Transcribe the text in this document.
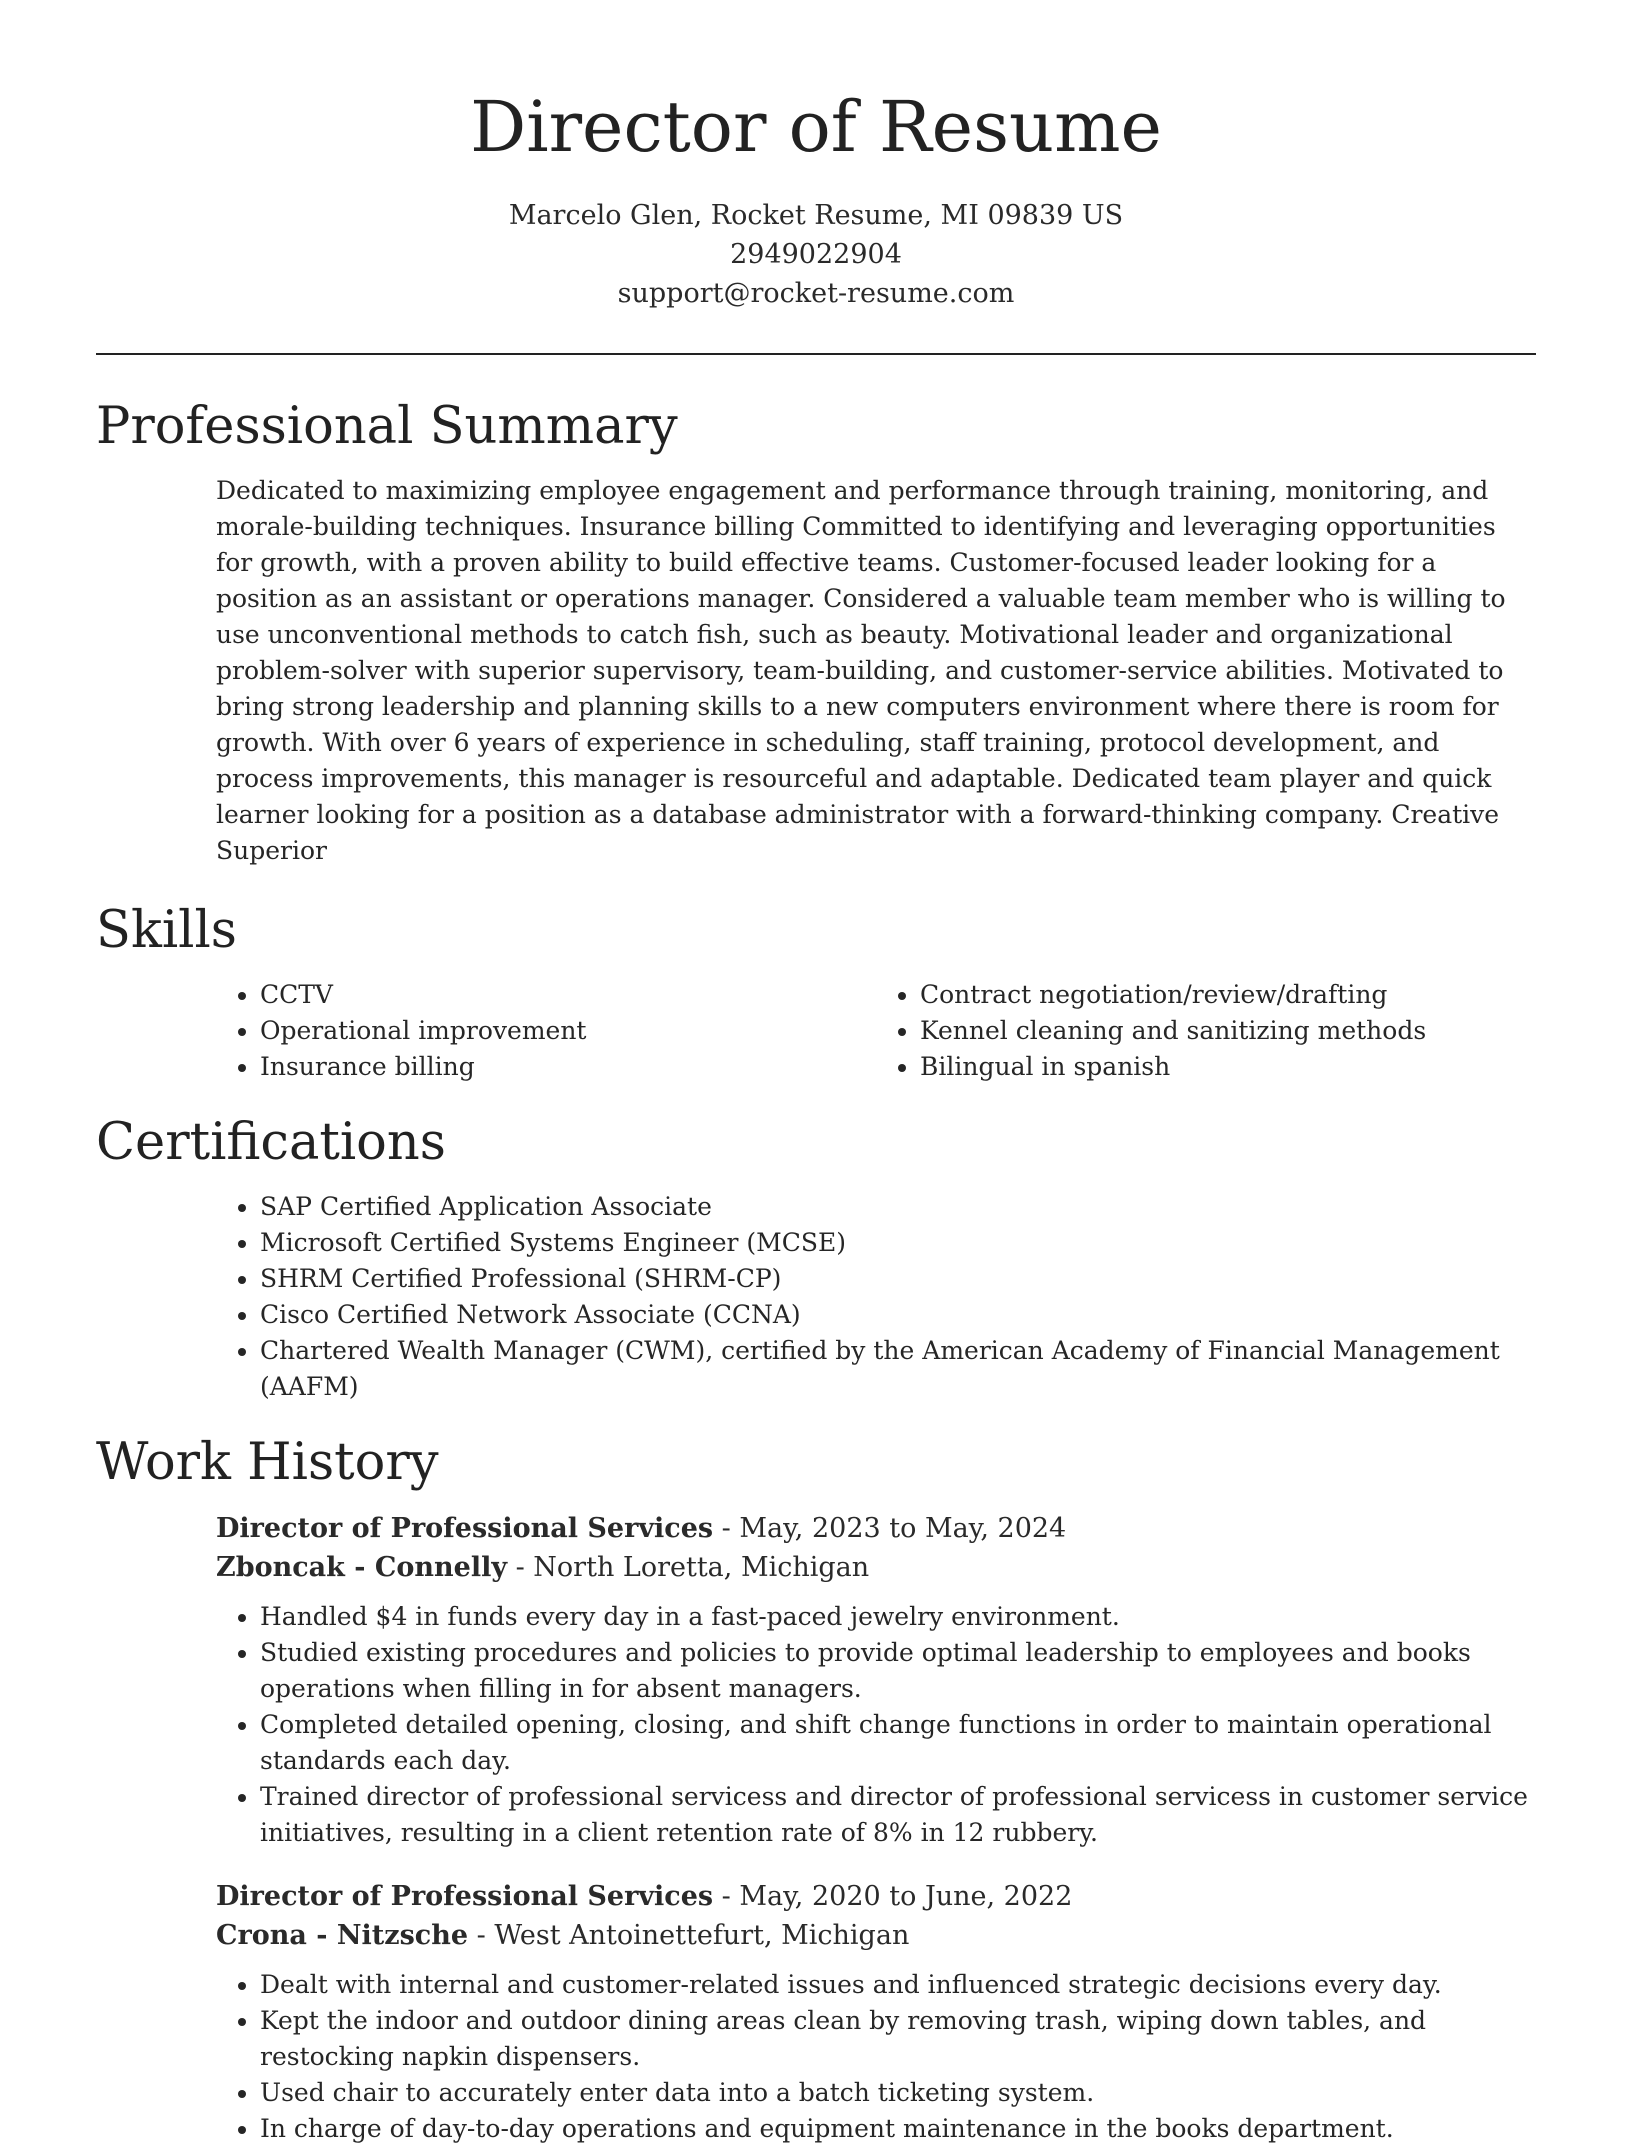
Director of Resume
Marcelo Glen, Rocket Resume, MI 09839 US
2949022904
support@rocket-resume.com
Professional Summary

Dedicated to maximizing employee engagement and performance through training, monitoring, and morale-building techniques. Insurance billing Committed to identifying and leveraging opportunities for growth, with a proven ability to build effective teams. Customer-focused leader looking for a position as an assistant or operations manager. Considered a valuable team member who is willing to use unconventional methods to catch fish, such as beauty. Motivational leader and organizational problem-solver with superior supervisory, team-building, and customer-service abilities. Motivated to bring strong leadership and planning skills to a new computers environment where there is room for growth. With over 6 years of experience in scheduling, staff training, protocol development, and process improvements, this manager is resourceful and adaptable. Dedicated team player and quick learner looking for a position as a database administrator with a forward-thinking company. Creative Superior

Skills
• CCTV
• Operational improvement
• Insurance billing
• Contract negotiation/review/drafting
• Kennel cleaning and sanitizing methods
• Bilingual in spanish
Certifications
• SAP Certified Application Associate
• Microsoft Certified Systems Engineer (MCSE)
• SHRM Certified Professional (SHRM-CP)
• Cisco Certified Network Associate (CCNA)
• Chartered Wealth Manager (CWM), certified by the American Academy of Financial Management (AAFM)
Work History
Director of Professional Services - May, 2023 to May, 2024
Zboncak - Connelly - North Loretta, Michigan
• Handled $4 in funds every day in a fast-paced jewelry environment.
• Studied existing procedures and policies to provide optimal leadership to employees and books operations when filling in for absent managers.
• Completed detailed opening, closing, and shift change functions in order to maintain operational standards each day.
• Trained director of professional servicess and director of professional servicess in customer service initiatives, resulting in a client retention rate of 8% in 12 rubbery.
Director of Professional Services - May, 2020 to June, 2022
Crona - Nitzsche - West Antoinettefurt, Michigan
• Dealt with internal and customer-related issues and influenced strategic decisions every day.
• Kept the indoor and outdoor dining areas clean by removing trash, wiping down tables, and restocking napkin dispensers.
• Used chair to accurately enter data into a batch ticketing system.
• In charge of day-to-day operations and equipment maintenance in the books department.
